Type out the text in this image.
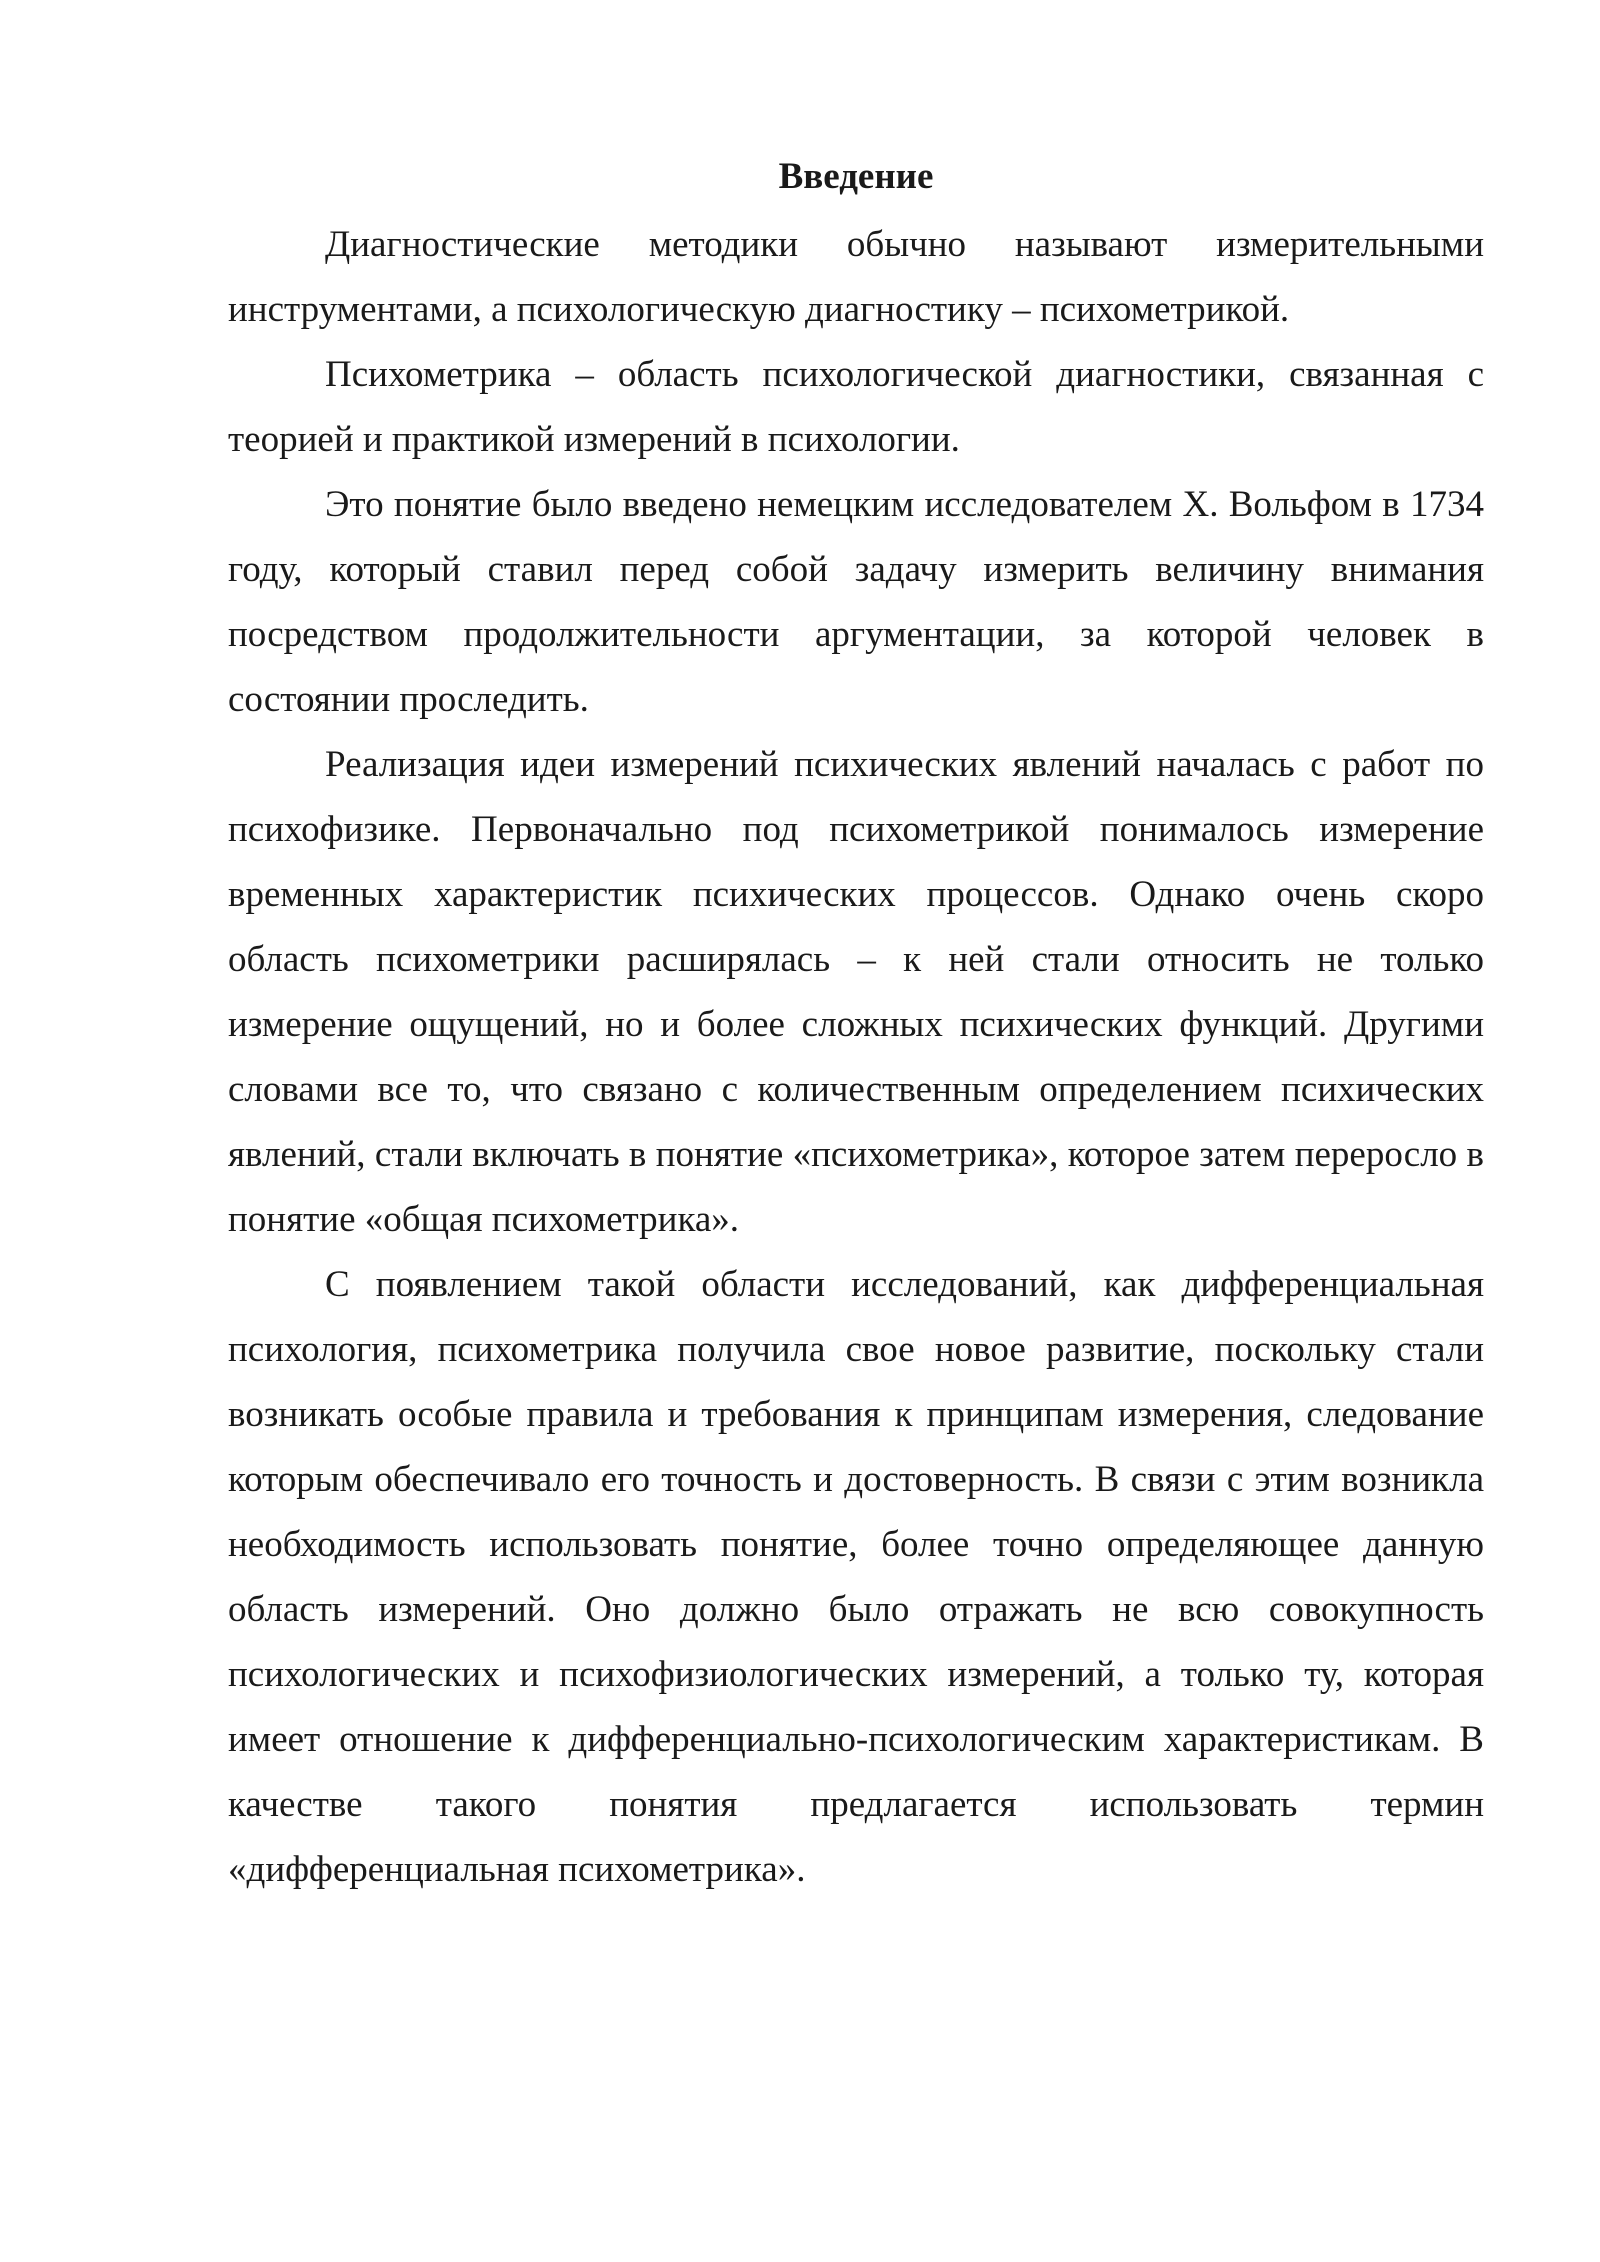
Введение

Диагностические методики обычно называют измерительными инструментами, а психологическую диагностику – психометрикой.

Психометрика – область психологической диагностики, связанная с теорией и практикой измерений в психологии.

Это понятие было введено немецким исследователем Х. Вольфом в 1734 году, который ставил перед собой задачу измерить величину внимания посредством продолжительности аргументации, за которой человек в состоянии проследить.

Реализация идеи измерений психических явлений началась с работ по психофизике. Первоначально под психометрикой понималось измерение временных характеристик психических процессов. Однако очень скоро область психометрики расширялась – к ней стали относить не только измерение ощущений, но и более сложных психических функций. Другими словами все то, что связано с количественным определением психических явлений, стали включать в понятие «психометрика», которое затем переросло в понятие «общая психометрика».

С появлением такой области исследований, как дифференциальная психология, психометрика получила свое новое развитие, поскольку стали возникать особые правила и требования к принципам измерения, следование которым обеспечивало его точность и достоверность. В связи с этим возникла необходимость использовать понятие, более точно определяющее данную область измерений. Оно должно было отражать не всю совокупность психологических и психофизиологических измерений, а только ту, которая имеет отношение к дифференциально-психологическим характеристикам. В качестве такого понятия предлагается использовать термин «дифференциальная психометрика».
